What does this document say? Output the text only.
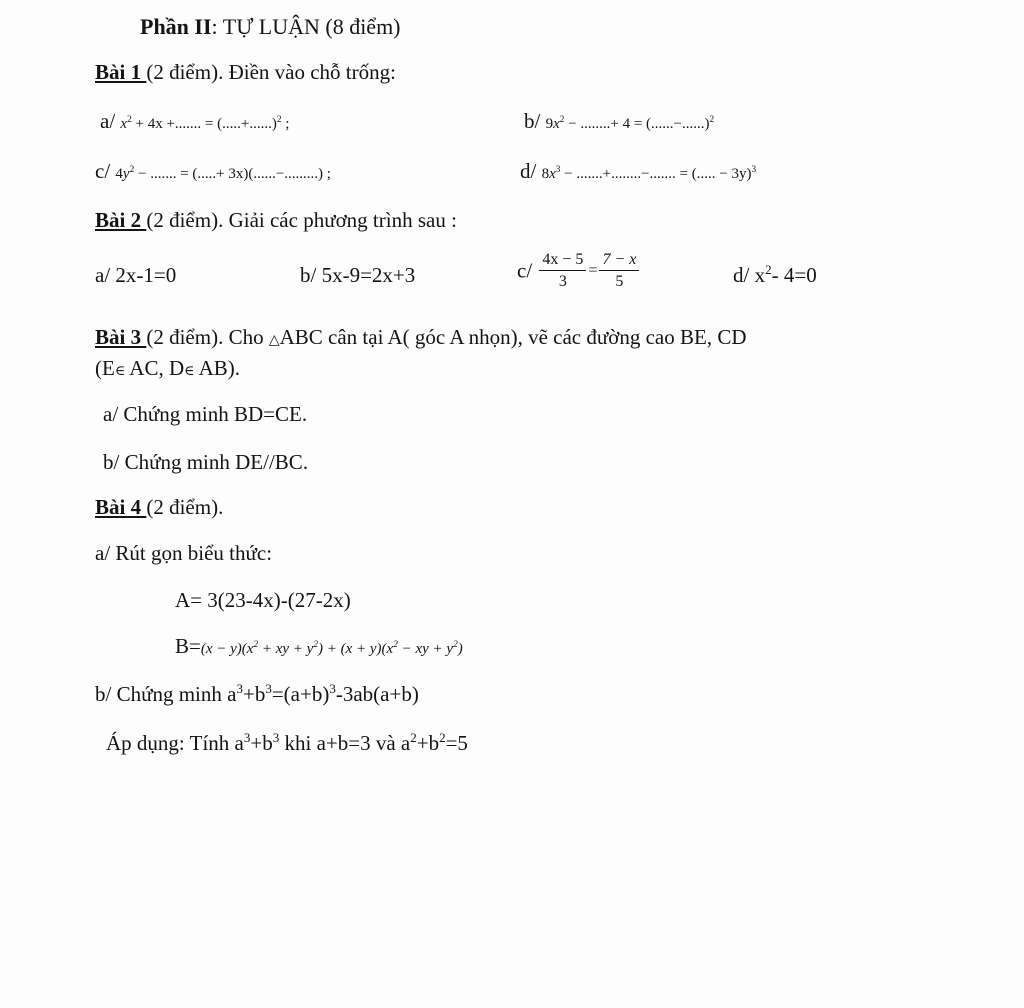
Phần II: TỰ LUẬN (8 điểm)
Bài 1 (2 điểm). Điền vào chỗ trống:
a/ $x^2 + 4x$ +....... = (.....+......)$^2$ ;	b/ $9x^2$ − ........+ 4 = (......−......)$^2$
c/ $4y^2$ − ....... = (.....+ 3x)(......−.........) ;	d/ $8x^3$ − .......+........−....... = (..... − 3y)$^3$
Bài 2 (2 điểm). Giải các phương trình sau :
a/ 2x-1=0	b/ 5x-9=2x+3	$c/ \frac{4x - 5}{3} = \frac{7 - x}{5}$	d/ $x^2-$ 4=0
Bài 3 (2 điểm). Cho △ABC cân tại A( góc A nhọn), vẽ các đường cao BE, CD
(E∈ AC, D∈ AB).
a/ Chứng minh BD=CE.
b/ Chứng minh DE//BC.
Bài 4 (2 điểm).
a/ Rút gọn biểu thức:
A= 3(23-4x)-(27-2x)
$B=(x - y)(x^2$ + xy + $y^2) + (x + y)(x^2$ − xy + $y^2$)
b/ Chứng minh $a^3+b^3=(a+b)^3-3ab(a+b)$
Áp dụng: Tính $a^3+b^3$ khi a+b=3 và $a^2+b^2=5$
